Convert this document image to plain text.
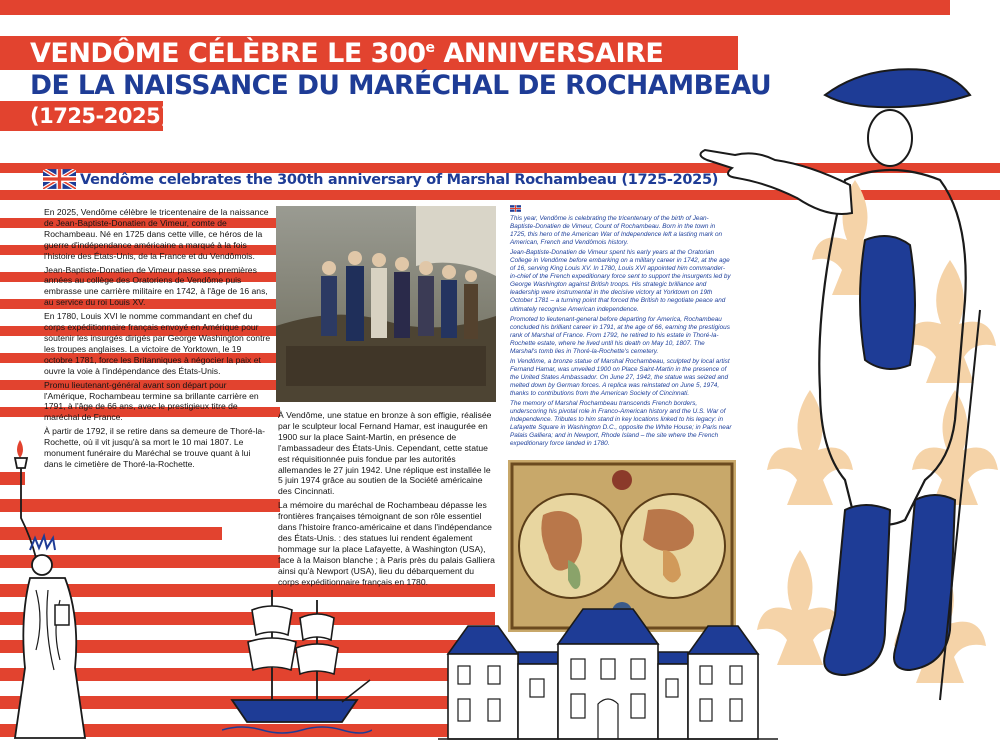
VENDÔME CÉLÈBRE LE 300e ANNIVERSAIRE
DE LA NAISSANCE DU MARÉCHAL DE ROCHAMBEAU
(1725-2025)
Vendômе celebrates the 300th anniversary of Marshal Rochambeau (1725-2025)

En 2025, Vendôme célèbre le tricentenaire de la naissance de Jean-Baptiste-Donatien de Vimeur, comte de Rochambeau. Né en 1725 dans cette ville, ce héros de la guerre d'indépendance américaine a marqué à la fois l'histoire des États-Unis, de la France et du Vendômois.

Jean-Baptiste-Donatien de Vimeur passe ses premières années au collège des Oratoriens de Vendôme puis embrasse une carrière militaire en 1742, à l'âge de 16 ans, au service du roi Louis XV.

En 1780, Louis XVI le nomme commandant en chef du corps expéditionnaire français envoyé en Amérique pour soutenir les insurgés dirigés par George Washington contre les troupes anglaises. La victoire de Yorktown, le 19 octobre 1781, force les Britanniques à négocier la paix et ouvre la voie à l'indépendance des États-Unis.

Promu lieutenant-général avant son départ pour l'Amérique, Rochambeau termine sa brillante carrière en 1791, à l'âge de 66 ans, avec le prestigieux titre de maréchal de France.

À partir de 1792, il se retire dans sa demeure de Thoré-la-Rochette, où il vit jusqu'à sa mort le 10 mai 1807. Le monument funéraire du Maréchal se trouve quant à lui dans le cimetière de Thoré-la-Rochette.

À Vendôme, une statue en bronze à son effigie, réalisée par le sculpteur local Fernand Hamar, est inaugurée en 1900 sur la place Saint-Martin, en présence de l'ambassadeur des États-Unis. Cependant, cette statue est réquisitionnée puis fondue par les autorités allemandes le 27 juin 1942. Une réplique est installée le 5 juin 1974 grâce au soutien de la Société américaine des Cincinnati.

La mémoire du maréchal de Rochambeau dépasse les frontières françaises témoignant de son rôle essentiel dans l'histoire franco-américaine et dans l'indépendance des États-Unis. : des statues lui rendent également hommage sur la place Lafayette, à Washington (USA), face à la Maison blanche ; à Paris près du palais Galliera ainsi qu'à Newport (USA), lieu du débarquement du corps expéditionnaire français en 1780.

This year, Vendôme is celebrating the tricentenary of the birth of Jean-Baptiste-Donatien de Vimeur, Count of Rochambeau. Born in the town in 1725, this hero of the American War of Independence left a lasting mark on American, French and Vendômois history.

Jean-Baptiste-Donatien de Vimeur spent his early years at the Oratorian College in Vendôme before embarking on a military career in 1742, at the age of 16, serving King Louis XV. In 1780, Louis XVI appointed him commander-in-chief of the French expeditionary force sent to support the insurgents led by George Washington against British troops. His strategic brilliance and leadership were instrumental in the decisive victory at Yorktown on 19th October 1781 – a turning point that forced the British to negotiate peace and ultimately recognise American independence.

Promoted to lieutenant-general before departing for America, Rochambeau concluded his brilliant career in 1791, at the age of 66, earning the prestigious rank of Marshal of France. From 1792, he retired to his estate in Thoré-la-Rochette estate, where he lived until his death on May 10, 1807. The Marshal's tomb lies in Thoré-la-Rochette's cemetery.

In Vendôme, a bronze statue of Marshal Rochambeau, sculpted by local artist Fernand Hamar, was unveiled 1900 on Place Saint-Martin in the presence of the United States Ambassador. On June 27, 1942, the statue was seized and melted down by German forces. A replica was reinstated on June 5, 1974, thanks to contributions from the American Society of Cincinnati.

The memory of Marshal Rochambeau transcends French borders, underscoring his pivotal role in Franco-American history and the U.S. War of Independence. Tributes to him stand in key locations linked to his legacy: in Lafayette Square in Washington D.C., opposite the White House; in Paris near Palais Galliera; and in Newport, Rhode Island – the site where the French expeditionary force landed in 1780.
